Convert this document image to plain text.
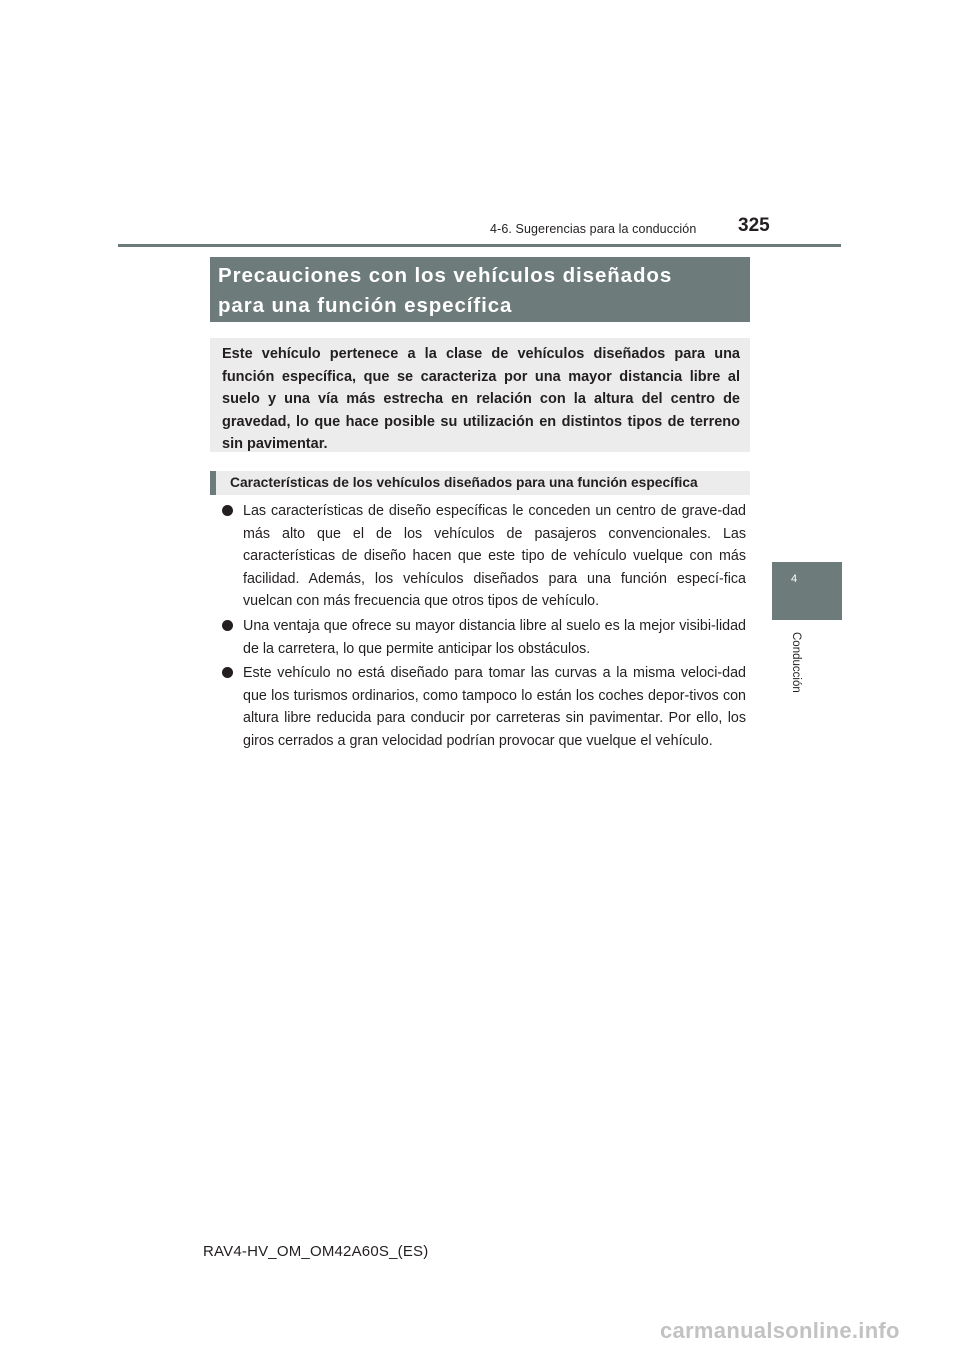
4-6. Sugerencias para la conducción 325
Precauciones con los vehículos diseñados
para una función específica

Este vehículo pertenece a la clase de vehículos diseñados para una función específica, que se caracteriza por una mayor distancia libre al suelo y una vía más estrecha en relación con la altura del centro de gravedad, lo que hace posible su utilización en distintos tipos de terreno sin pavimentar.

Características de los vehículos diseñados para una función específica
Las características de diseño específicas le conceden un centro de grave-dad más alto que el de los vehículos de pasajeros convencionales. Las características de diseño hacen que este tipo de vehículo vuelque con más facilidad. Además, los vehículos diseñados para una función especí-fica vuelcan con más frecuencia que otros tipos de vehículo.
Una ventaja que ofrece su mayor distancia libre al suelo es la mejor visibi-lidad de la carretera, lo que permite anticipar los obstáculos.
Este vehículo no está diseñado para tomar las curvas a la misma veloci-dad que los turismos ordinarios, como tampoco lo están los coches depor-tivos con altura libre reducida para conducir por carreteras sin pavimentar. Por ello, los giros cerrados a gran velocidad podrían provocar que vuelque el vehículo.
4
Conducción
RAV4-HV_OM_OM42A60S_(ES)
carmanualsonline.info
